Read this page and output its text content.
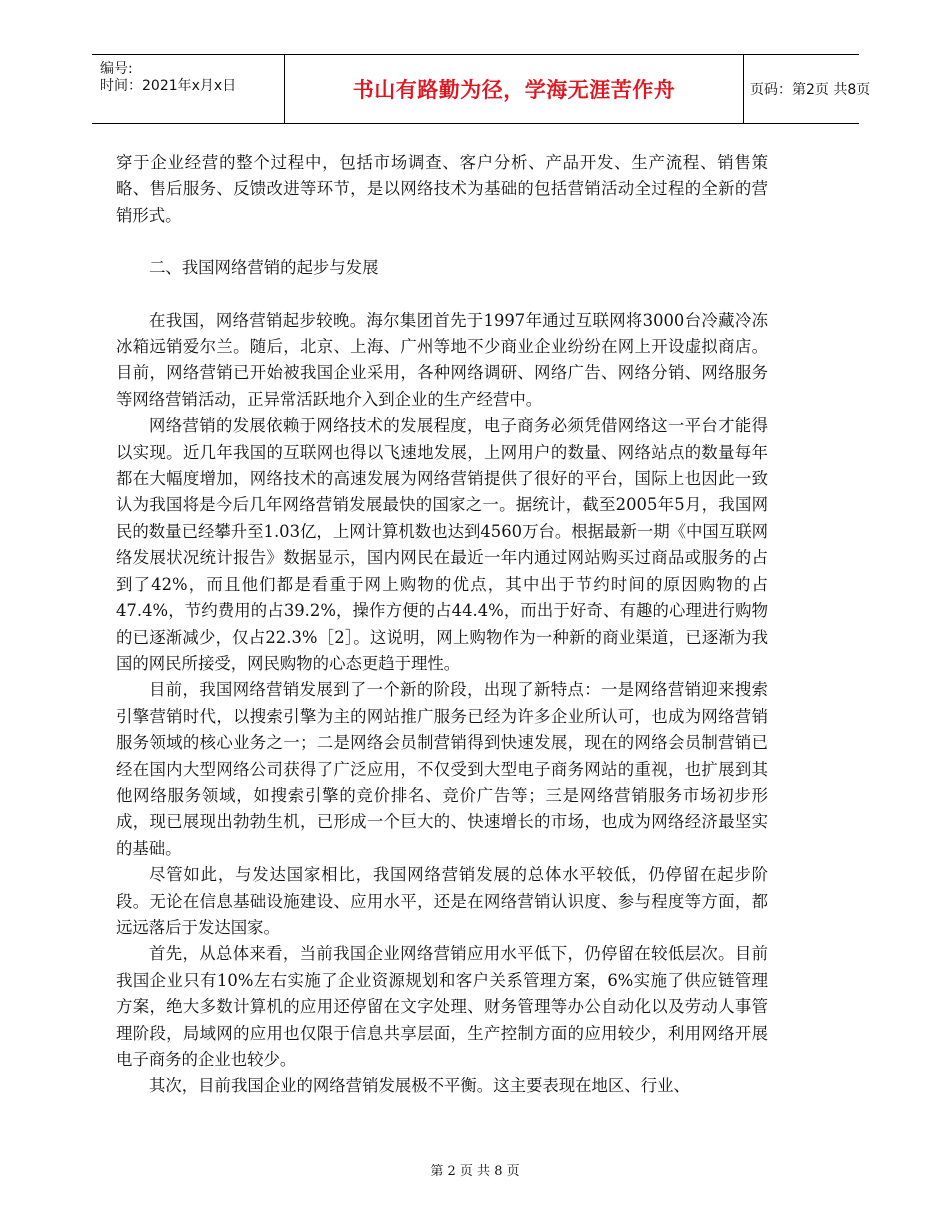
编号:
时间：2021年x月x日	书山有路勤为径，学海无涯苦作舟	页码：第2页 共8页

穿于企业经营的整个过程中，包括市场调查、客户分析、产品开发、生产流程、销售策略、售后服务、反馈改进等环节，是以网络技术为基础的包括营销活动全过程的全新的营销形式。

二、我国网络营销的起步与发展

在我国，网络营销起步较晚。海尔集团首先于1997年通过互联网将3000台冷藏冷冻冰箱远销爱尔兰。随后，北京、上海、广州等地不少商业企业纷纷在网上开设虚拟商店。目前，网络营销已开始被我国企业采用，各种网络调研、网络广告、网络分销、网络服务等网络营销活动，正异常活跃地介入到企业的生产经营中。

网络营销的发展依赖于网络技术的发展程度，电子商务必须凭借网络这一平台才能得以实现。近几年我国的互联网也得以飞速地发展，上网用户的数量、网络站点的数量每年都在大幅度增加，网络技术的高速发展为网络营销提供了很好的平台，国际上也因此一致认为我国将是今后几年网络营销发展最快的国家之一。据统计，截至2005年5月，我国网民的数量已经攀升至1.03亿，上网计算机数也达到4560万台。根据最新一期《中国互联网络发展状况统计报告》数据显示，国内网民在最近一年内通过网站购买过商品或服务的占到了42%，而且他们都是看重于网上购物的优点，其中出于节约时间的原因购物的占 47.4%，节约费用的占39.2%，操作方便的占44.4%，而出于好奇、有趣的心理进行购物的已逐渐减少，仅占22.3%［2］。这说明，网上购物作为一种新的商业渠道，已逐渐为我国的网民所接受，网民购物的心态更趋于理性。

目前，我国网络营销发展到了一个新的阶段，出现了新特点：一是网络营销迎来搜索引擎营销时代，以搜索引擎为主的网站推广服务已经为许多企业所认可，也成为网络营销服务领域的核心业务之一；二是网络会员制营销得到快速发展，现在的网络会员制营销已经在国内大型网络公司获得了广泛应用，不仅受到大型电子商务网站的重视，也扩展到其他网络服务领域，如搜索引擎的竞价排名、竞价广告等；三是网络营销服务市场初步形成，现已展现出勃勃生机，已形成一个巨大的、快速增长的市场，也成为网络经济最坚实的基础。

尽管如此，与发达国家相比，我国网络营销发展的总体水平较低，仍停留在起步阶段。无论在信息基础设施建设、应用水平，还是在网络营销认识度、参与程度等方面，都远远落后于发达国家。

首先，从总体来看，当前我国企业网络营销应用水平低下，仍停留在较低层次。目前我国企业只有10%左右实施了企业资源规划和客户关系管理方案，6%实施了供应链管理方案，绝大多数计算机的应用还停留在文字处理、财务管理等办公自动化以及劳动人事管理阶段，局域网的应用也仅限于信息共享层面，生产控制方面的应用较少，利用网络开展电子商务的企业也较少。

其次，目前我国企业的网络营销发展极不平衡。这主要表现在地区、行业、

第 2 页 共 8 页
